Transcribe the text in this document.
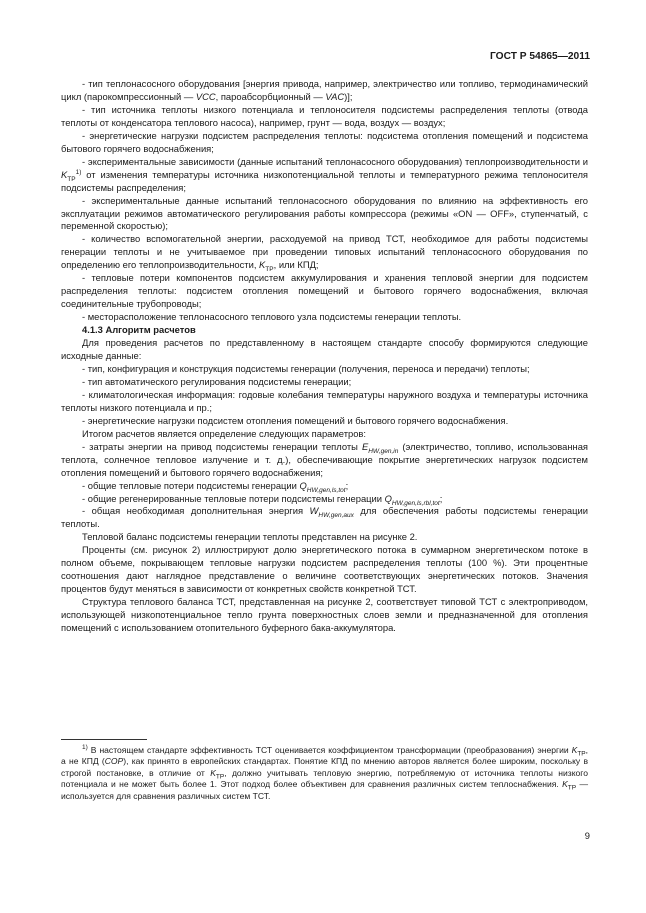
ГОСТ Р 54865—2011

- тип теплонасосного оборудования [энергия привода, например, электричество или топливо, термодинамический цикл (парокомпрессионный — VCC, пароабсорбционный — VAC)];

- тип источника теплоты низкого потенциала и теплоносителя подсистемы распределения теплоты (отвода теплоты от конденсатора теплового насоса), например, грунт — вода, воздух — воздух;

- энергетические нагрузки подсистем распределения теплоты: подсистема отопления помещений и подсистема бытового горячего водоснабжения;

- экспериментальные зависимости (данные испытаний теплонасосного оборудования) теплопроизводительности и $K_{ТР}^{1)}$ от изменения температуры источника низкопотенциальной теплоты и температурного режима теплоносителя подсистемы распределения;

- экспериментальные данные испытаний теплонасосного оборудования по влиянию на эффективность его эксплуатации режимов автоматического регулирования работы компрессора (режимы «ON — OFF», ступенчатый, с переменной скоростью);

- количество вспомогательной энергии, расходуемой на привод ТСТ, необходимое для работы подсистемы генерации теплоты и не учитываемое при проведении типовых испытаний теплонасосного оборудования по определению его теплопроизводительности, $K_{ТР}$, или КПД;

- тепловые потери компонентов подсистем аккумулирования и хранения тепловой энергии для подсистем распределения теплоты: подсистем отопления помещений и бытового горячего водоснабжения, включая соединительные трубопроводы;

- месторасположение теплонасосного теплового узла подсистемы генерации теплоты.

4.1.3 Алгоритм расчетов

Для проведения расчетов по представленному в настоящем стандарте способу формируются следующие исходные данные:

- тип, конфигурация и конструкция подсистемы генерации (получения, переноса и передачи) теплоты;

- тип автоматического регулирования подсистемы генерации;

- климатологическая информация: годовые колебания температуры наружного воздуха и температуры источника теплоты низкого потенциала и пр.;

- энергетические нагрузки подсистем отопления помещений и бытового горячего водоснабжения.

Итогом расчетов является определение следующих параметров:

- затраты энергии на привод подсистемы генерации теплоты $E_{HW,gen,in}$ (электричество, топливо, использованная теплота, солнечное тепловое излучение и т. д.), обеспечивающие покрытие энергетических нагрузок подсистем отопления помещений и бытового горячего водоснабжения;

- общие тепловые потери подсистемы генерации $Q_{HW,gen,ls,tot}$;

- общие регенерированные тепловые потери подсистемы генерации $Q_{HW,gen,ls,rbl,tot}$;

- общая необходимая дополнительная энергия $W_{HW,gen,aux}$ для обеспечения работы подсистемы генерации теплоты.

Тепловой баланс подсистемы генерации теплоты представлен на рисунке 2.

Проценты (см. рисунок 2) иллюстрируют долю энергетического потока в суммарном энергетическом потоке в полном объеме, покрывающем тепловые нагрузки подсистем распределения теплоты (100 %). Эти процентные соотношения дают наглядное представление о величине соответствующих энергетических потоков. Значения процентов будут меняться в зависимости от конкретных свойств конкретной ТСТ.

Структура теплового баланса ТСТ, представленная на рисунке 2, соответствует типовой ТСТ с электроприводом, использующей низкопотенциальное тепло грунта поверхностных слоев земли и предназначенной для отопления помещений с использованием отопительного буферного бака-аккумулятора.

$^{1)}$ В настоящем стандарте эффективность ТСТ оценивается коэффициентом трансформации (преобразования) энергии $K_{ТР}$, а не КПД (COP), как принято в европейских стандартах. Понятие КПД по мнению авторов является более широким, поскольку в строгой постановке, в отличие от $K_{ТР}$, должно учитывать тепловую энергию, потребляемую от источника теплоты низкого потенциала и не может быть более 1. Этот подход более объективен для сравнения различных систем теплоснабжения. $K_{ТР}$ — используется для сравнения различных систем ТСТ.

9
